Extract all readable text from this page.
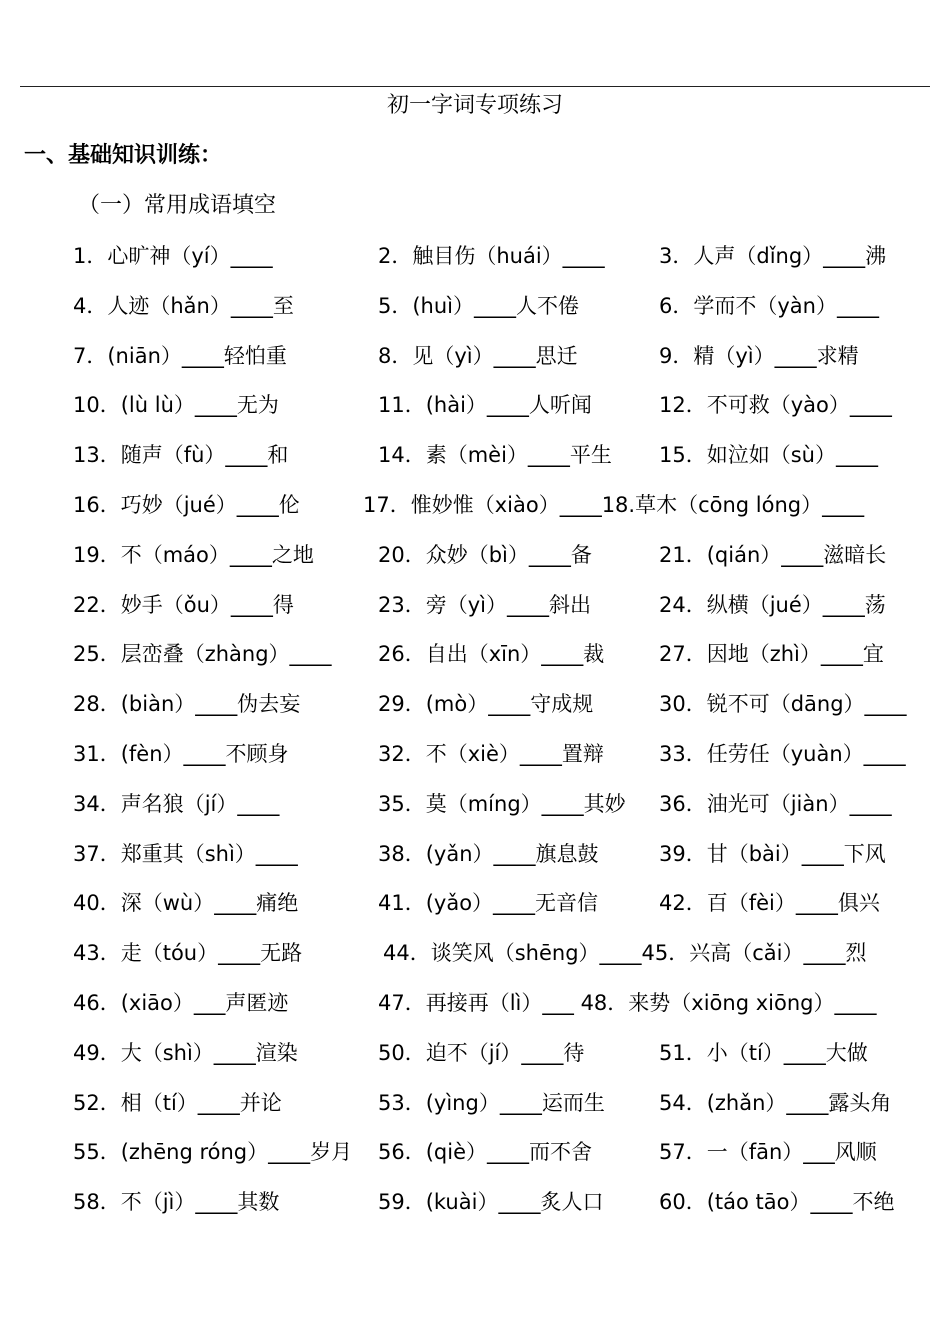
初一字词专项练习
一、基础知识训练：
（一）常用成语填空
1．心旷神（yí）____	2．触目伤（huái）____	3．人声（dǐng）____沸
4．人迹（hǎn）____至	5．(huì）____人不倦	6．学而不（yàn）____
7．(niān）____轻怕重	8．见（yì）____思迁	9．精（yì）____求精
10．(lù lù）____无为	11．(hài）____人听闻	12．不可救（yào）____
13．随声（fù）____和	14．素（mèi）____平生 15．如泣如（sù）____
16．巧妙（jué）____伦	17．惟妙惟（xiào）____18.草木（cōng lóng）____
19．不（máo）____之地	20．众妙（bì）____备	21．(qián）____滋暗长
22．妙手（ǒu）____得	23．旁（yì）____斜出	24．纵横（jué）____荡
25．层峦叠（zhàng）____ 26．自出（xīn）____裁	27．因地（zhì）____宜
28．(biàn）____伪去妄	29．(mò）____守成规	30．锐不可（dāng）____
31．(fèn）____不顾身	32．不（xiè）____置辩	33．任劳任（yuàn）____
34．声名狼（jí）____	35．莫（míng）____其妙 36．油光可（jiàn）____
37．郑重其（shì）____	38．(yǎn）____旗息鼓	39．甘（bài）____下风
40．深（wù）____痛绝	41．(yǎo）____无音信	42．百（fèi）____俱兴
43．走（tóu）____无路	44．谈笑风（shēng）____45．兴高（cǎi）____烈
46．(xiāo）___声匿迹	47．再接再（lì）___ 48．来势（xiōng xiōng）____
49．大（shì）____渲染	50．迫不（jí）____待	51．小（tí）____大做
52．相（tí）____并论	53．(yìng）____运而生	54．(zhǎn）____露头角
55．(zhēng róng）____岁月 56．(qiè）____而不舍	57．一（fān）___风顺
58．不（jì）____其数	59．(kuài）____炙人口	60．(táo tāo）____不绝
